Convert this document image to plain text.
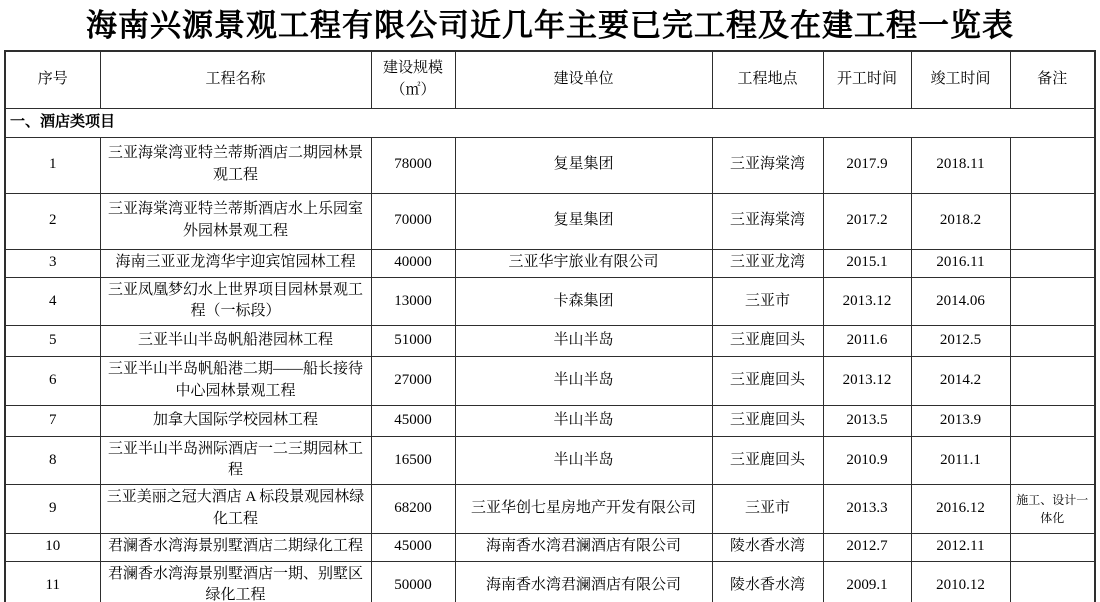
海南兴源景观工程有限公司近几年主要已完工程及在建工程一览表
序号	工程名称	建设规模（㎡）	建设单位	工程地点	开工时间	竣工时间	备注
一、酒店类项目							
1	三亚海棠湾亚特兰蒂斯酒店二期园林景观工程	78000	复星集团	三亚海棠湾	2017.9	2018.11	
2	三亚海棠湾亚特兰蒂斯酒店水上乐园室外园林景观工程	70000	复星集团	三亚海棠湾	2017.2	2018.2	
3	海南三亚亚龙湾华宇迎宾馆园林工程	40000	三亚华宇旅业有限公司	三亚亚龙湾	2015.1	2016.11	
4	三亚凤凰梦幻水上世界项目园林景观工程（一标段）	13000	卡森集团	三亚市	2013.12	2014.06	
5	三亚半山半岛帆船港园林工程	51000	半山半岛	三亚鹿回头	2011.6	2012.5	
6	三亚半山半岛帆船港二期——船长接待中心园林景观工程	27000	半山半岛	三亚鹿回头	2013.12	2014.2	
7	加拿大国际学校园林工程	45000	半山半岛	三亚鹿回头	2013.5	2013.9	
8	三亚半山半岛洲际酒店一二三期园林工程	16500	半山半岛	三亚鹿回头	2010.9	2011.1	
9	三亚美丽之冠大酒店 A 标段景观园林绿化工程	68200	三亚华创七星房地产开发有限公司	三亚市	2013.3	2016.12	施工、设计一体化
10	君澜香水湾海景别墅酒店二期绿化工程	45000	海南香水湾君澜酒店有限公司	陵水香水湾	2012.7	2012.11	
11	君澜香水湾海景别墅酒店一期、别墅区绿化工程	50000	海南香水湾君澜酒店有限公司	陵水香水湾	2009.1	2010.12	
